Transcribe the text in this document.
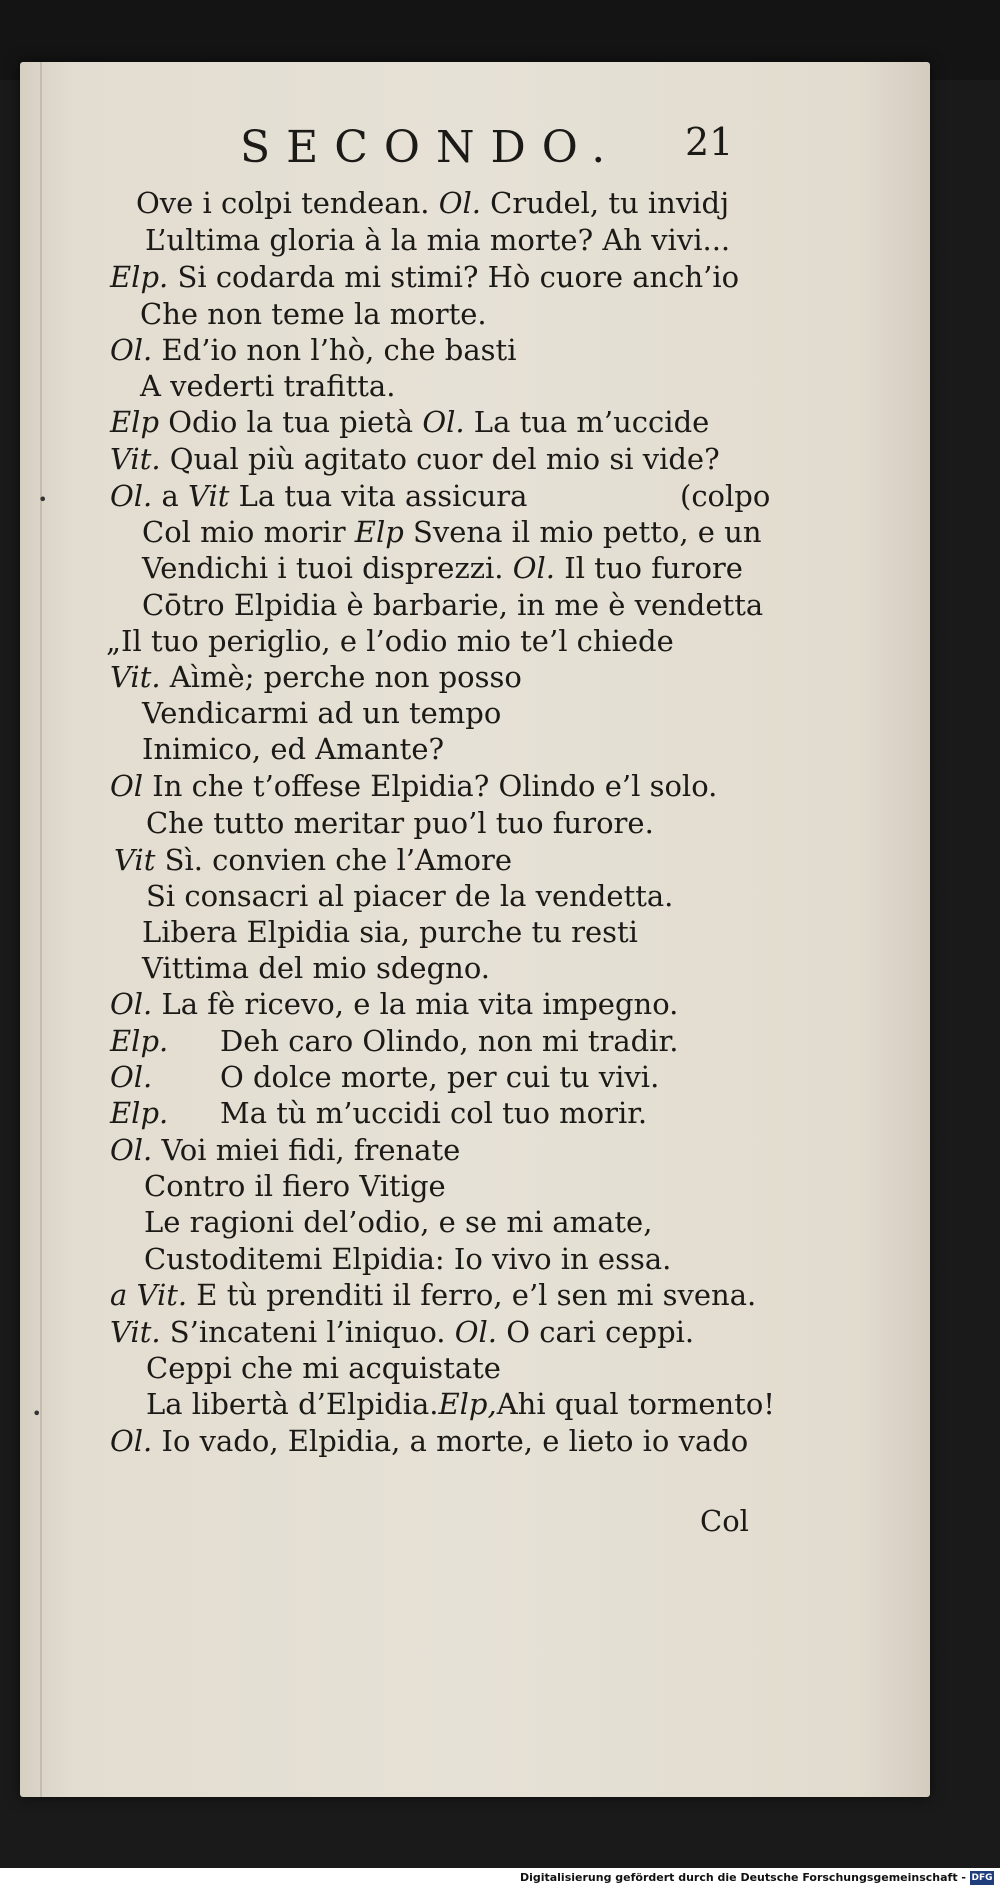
SECONDO. 21
Ove i colpi tendean. Ol. Crudel, tu invidj
L’ultima gloria à la mia morte? Ah vivi...
Elp. Si codarda mi stimi? Hò cuore anch’io
Che non teme la morte.
Ol. Ed’io non l’hò, che basti
A vederti trafitta.
Elp Odio la tua pietà Ol. La tua m’uccide
Vit. Qual più agitato cuor del mio si vide?
Ol. a Vit La tua vita assicura	(colpo
•
Col mio morir Elp Svena il mio petto, e un
Vendichi i tuoi disprezzi. Ol. Il tuo furore
Cōtro Elpidia è barbarie, in me è vendetta
„Il tuo periglio, e l’odio mio te’l chiede
Vit. Aìmè; perche non posso
Vendicarmi ad un tempo
Inimico, ed Amante?
Ol In che t’offese Elpidia? Olindo e’l solo.
Che tutto meritar puo’l tuo furore.
Vit Sì. convien che l’Amore
Si consacri al piacer de la vendetta.
Libera Elpidia sia, purche tu resti
Vittima del mio sdegno.
Ol. La fè ricevo, e la mia vita impegno.
Elp. Deh caro Olindo, non mi tradir.
Ol. O dolce morte, per cui tu vivi.
Elp. Ma tù m’uccidi col tuo morir.
Ol. Voi miei fidi, frenate
Contro il fiero Vitige
Le ragioni del’odio, e se mi amate,
Custoditemi Elpidia: Io vivo in essa.
a Vit. E tù prenditi il ferro, e’l sen mi svena.
Vit. S’incateni l’iniquo. Ol. O cari ceppi.
Ceppi che mi acquistate
La libertà d’Elpidia.Elp,Ahi qual tormento!
•
Ol. Io vado, Elpidia, a morte, e lieto io vado
Col
Digitalisierung gefördert durch die Deutsche Forschungsgemeinschaft - DFG
